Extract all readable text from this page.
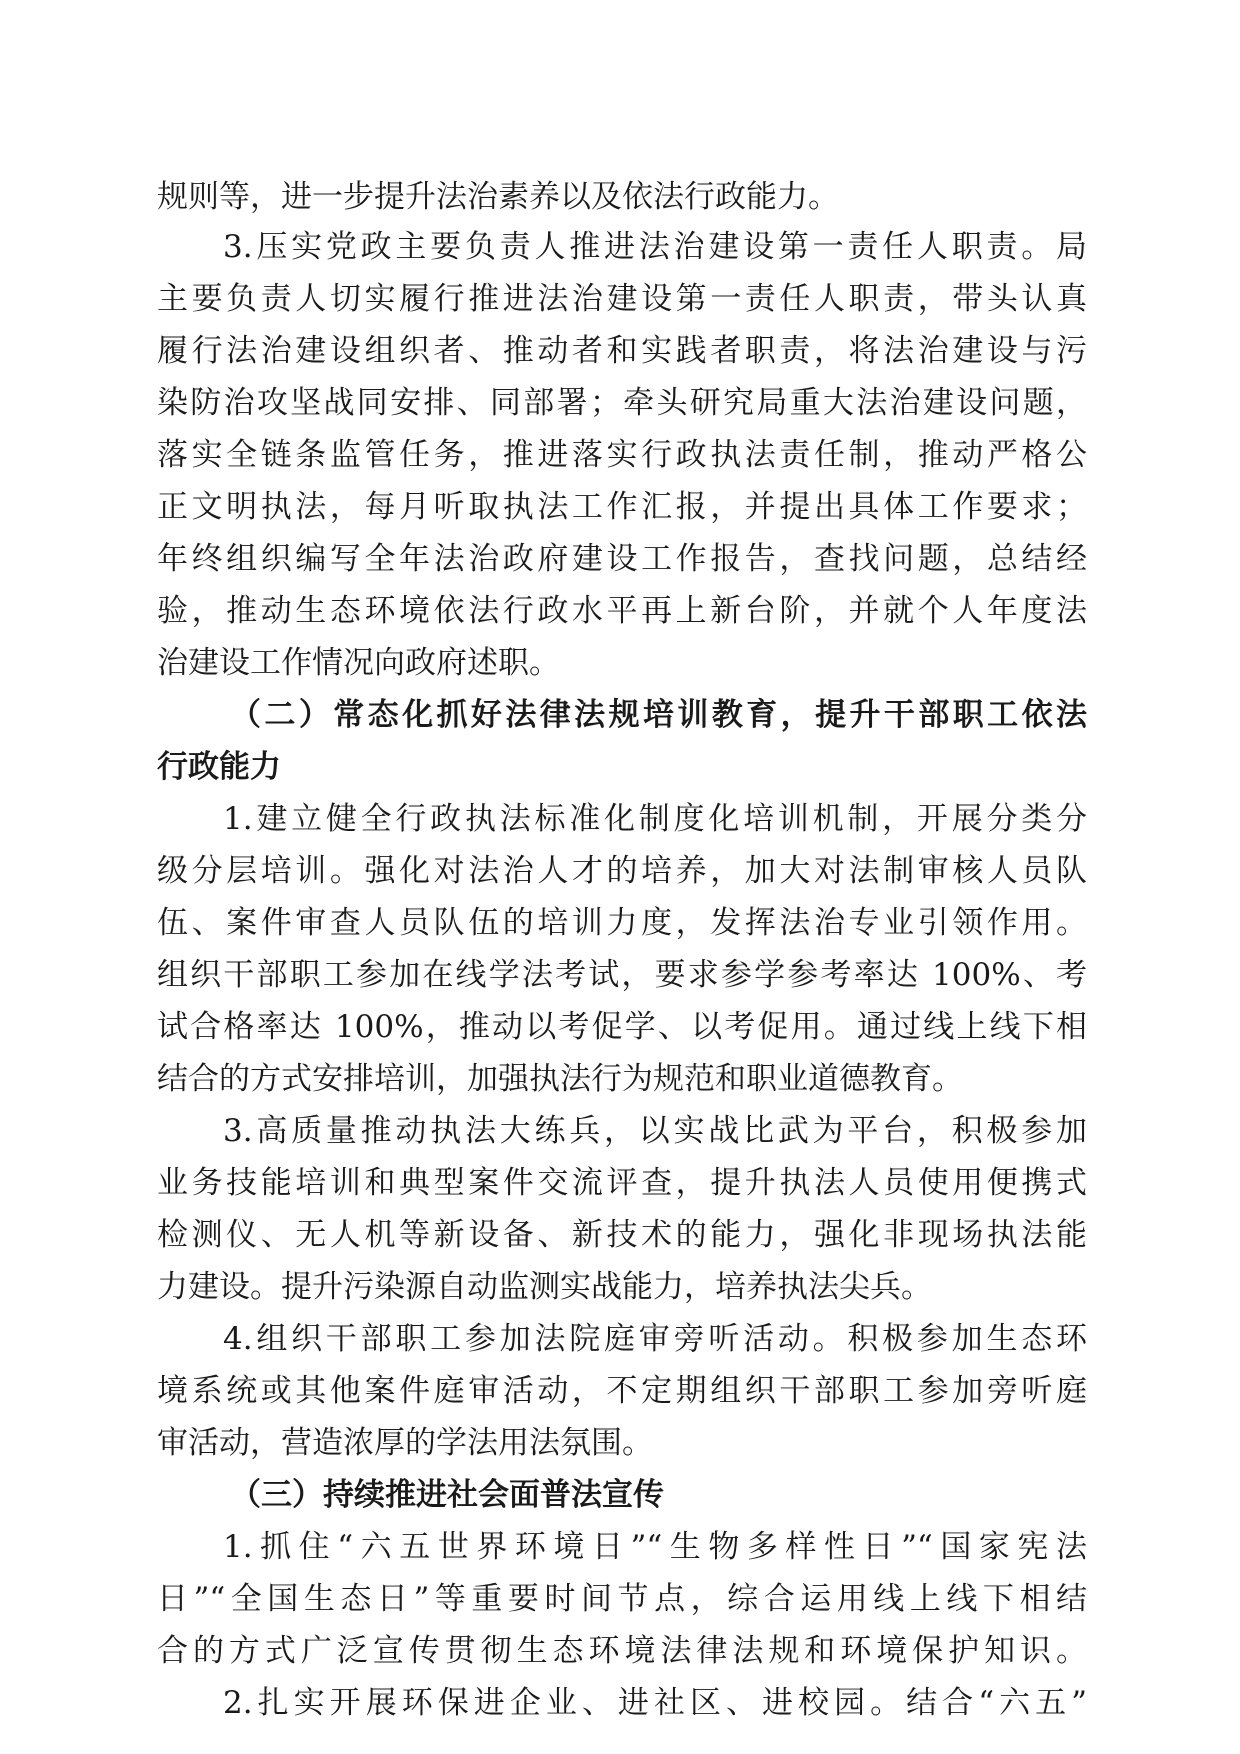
规则等，进一步提升法治素养以及依法行政能力。
3.压实党政主要负责人推进法治建设第一责任人职责。局
主要负责人切实履行推进法治建设第一责任人职责，带头认真
履行法治建设组织者、推动者和实践者职责，将法治建设与污
染防治攻坚战同安排、同部署；牵头研究局重大法治建设问题，
落实全链条监管任务，推进落实行政执法责任制，推动严格公
正文明执法，每月听取执法工作汇报，并提出具体工作要求；
年终组织编写全年法治政府建设工作报告，查找问题，总结经
验，推动生态环境依法行政水平再上新台阶，并就个人年度法
治建设工作情况向政府述职。
（二）常态化抓好法律法规培训教育，提升干部职工依法
行政能力
1.建立健全行政执法标准化制度化培训机制，开展分类分
级分层培训。强化对法治人才的培养，加大对法制审核人员队
伍、案件审查人员队伍的培训力度，发挥法治专业引领作用。
组织干部职工参加在线学法考试，要求参学参考率达 100%、考
试合格率达 100%，推动以考促学、以考促用。通过线上线下相
结合的方式安排培训，加强执法行为规范和职业道德教育。
3.高质量推动执法大练兵，以实战比武为平台，积极参加
业务技能培训和典型案件交流评查，提升执法人员使用便携式
检测仪、无人机等新设备、新技术的能力，强化非现场执法能
力建设。提升污染源自动监测实战能力，培养执法尖兵。
4.组织干部职工参加法院庭审旁听活动。积极参加生态环
境系统或其他案件庭审活动，不定期组织干部职工参加旁听庭
审活动，营造浓厚的学法用法氛围。
（三）持续推进社会面普法宣传
1.抓住“六五世界环境日”“生物多样性日”“国家宪法
日”“全国生态日”等重要时间节点，综合运用线上线下相结
合的方式广泛宣传贯彻生态环境法律法规和环境保护知识。
2.扎实开展环保进企业、进社区、进校园。结合“六五”
